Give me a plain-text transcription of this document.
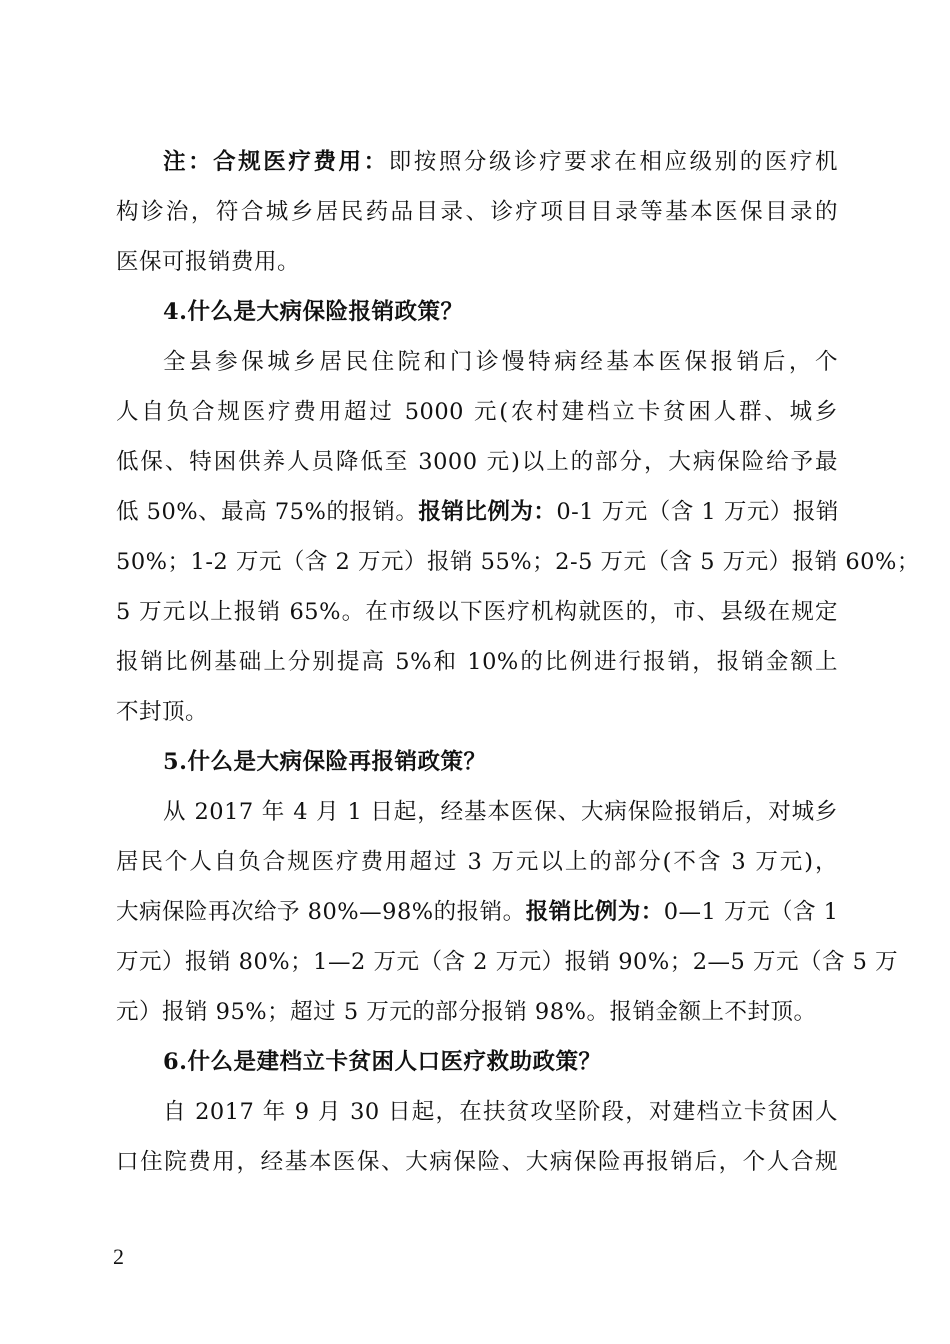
注：合规医疗费用：即按照分级诊疗要求在相应级别的医疗机
构诊治，符合城乡居民药品目录、诊疗项目目录等基本医保目录的
医保可报销费用。
4.什么是大病保险报销政策？
全县参保城乡居民住院和门诊慢特病经基本医保报销后，个
人自负合规医疗费用超过 5000 元(农村建档立卡贫困人群、城乡
低保、特困供养人员降低至 3000 元)以上的部分，大病保险给予最
低 50%、最高 75%的报销。报销比例为：0-1 万元（含 1 万元）报销
50%；1-2 万元（含 2 万元）报销 55%；2-5 万元（含 5 万元）报销 60%；
5 万元以上报销 65%。在市级以下医疗机构就医的，市、县级在规定
报销比例基础上分别提高 5%和 10%的比例进行报销，报销金额上
不封顶。
5.什么是大病保险再报销政策？
从 2017 年 4 月 1 日起，经基本医保、大病保险报销后，对城乡
居民个人自负合规医疗费用超过 3 万元以上的部分(不含 3 万元)，
大病保险再次给予 80%—98%的报销。报销比例为：0—1 万元（含 1
万元）报销 80%；1—2 万元（含 2 万元）报销 90%；2—5 万元（含 5 万
元）报销 95%；超过 5 万元的部分报销 98%。报销金额上不封顶。
6.什么是建档立卡贫困人口医疗救助政策？
自 2017 年 9 月 30 日起，在扶贫攻坚阶段，对建档立卡贫困人
口住院费用，经基本医保、大病保险、大病保险再报销后，个人合规
2
